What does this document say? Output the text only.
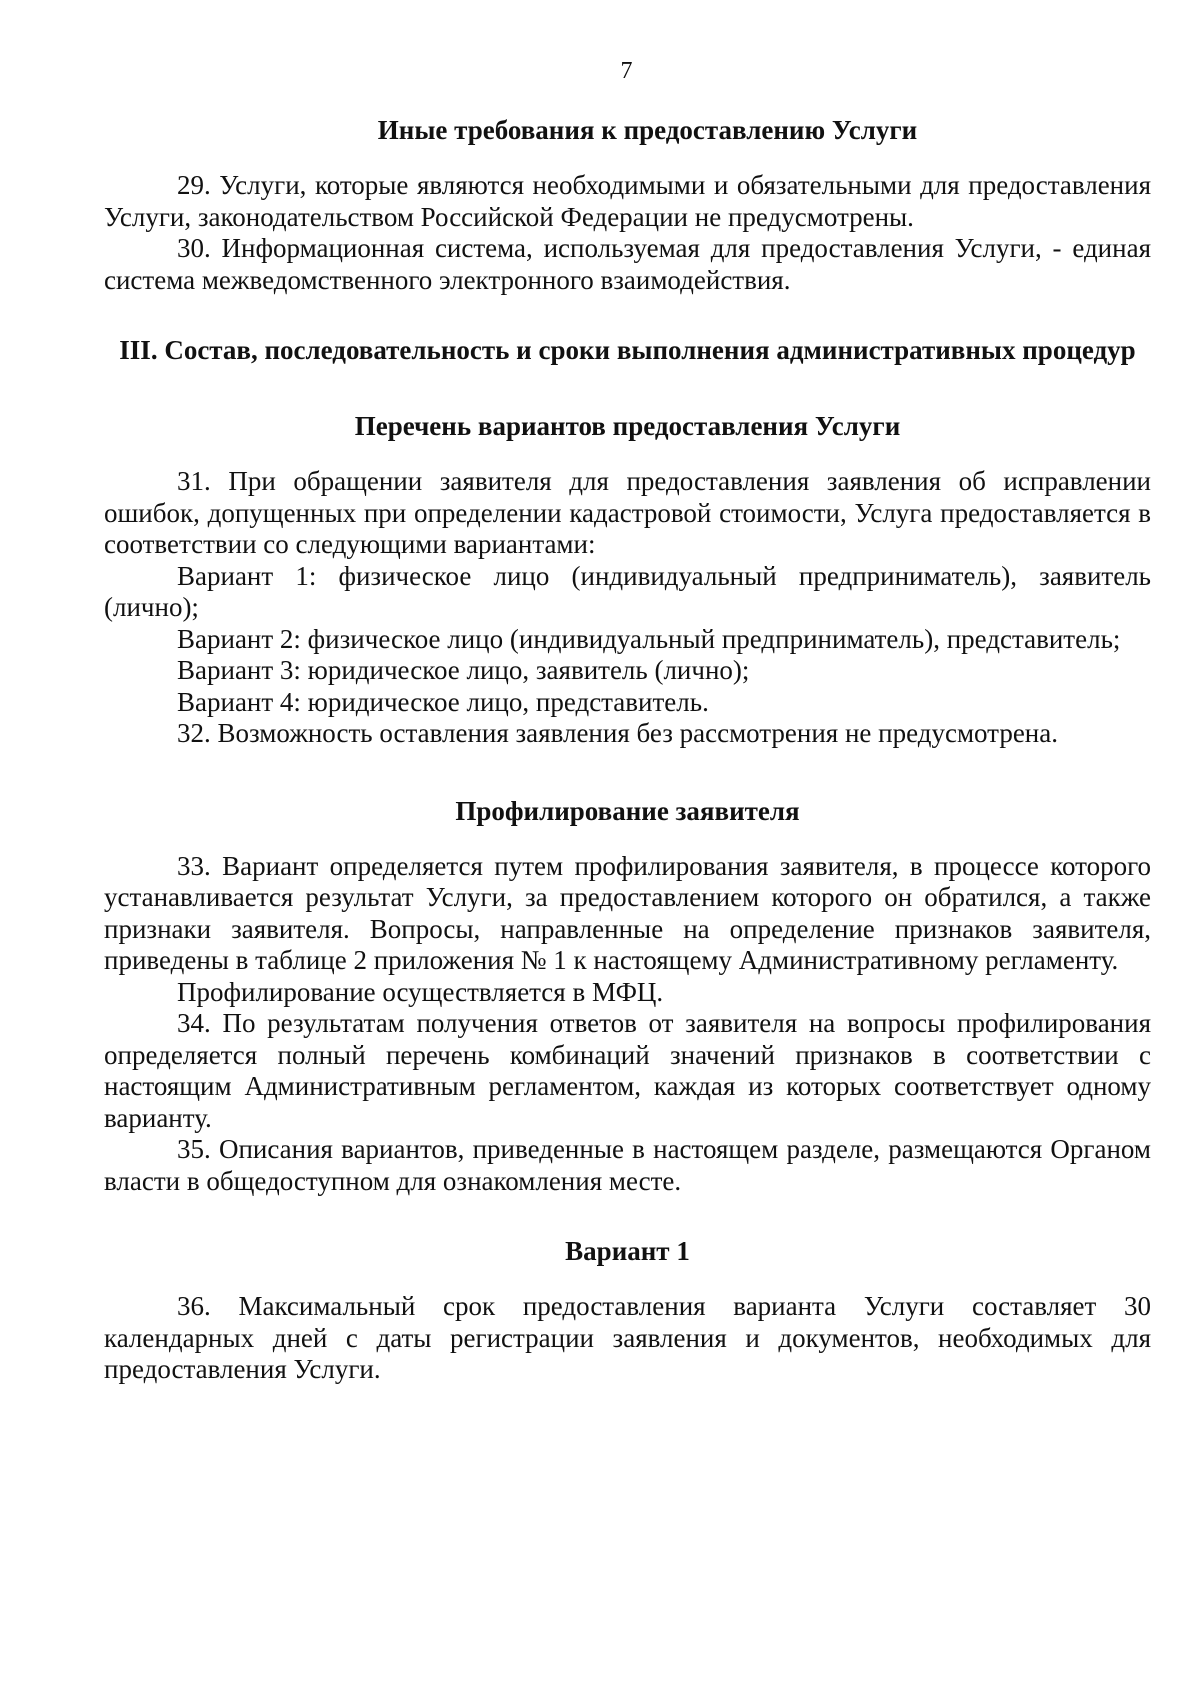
7
Иные требования к предоставлению Услуги

29. Услуги, которые являются необходимыми и обязательными для предоставления Услуги, законодательством Российской Федерации не предусмотрены.

30. Информационная система, используемая для предоставления Услуги, - единая система межведомственного электронного взаимодействия.

III. Состав, последовательность и сроки выполнения административных процедур
Перечень вариантов предоставления Услуги

31. При обращении заявителя для предоставления заявления об исправлении ошибок, допущенных при определении кадастровой стоимости, Услуга предоставляется в соответствии со следующими вариантами:

Вариант 1: физическое лицо (индивидуальный предприниматель), заявитель (лично);

Вариант 2: физическое лицо (индивидуальный предприниматель), представитель;

Вариант 3: юридическое лицо, заявитель (лично);

Вариант 4: юридическое лицо, представитель.

32. Возможность оставления заявления без рассмотрения не предусмотрена.

Профилирование заявителя

33. Вариант определяется путем профилирования заявителя, в процессе которого устанавливается результат Услуги, за предоставлением которого он обратился, а также признаки заявителя. Вопросы, направленные на определение признаков заявителя, приведены в таблице 2 приложения № 1 к настоящему Административному регламенту.

Профилирование осуществляется в МФЦ.

34. По результатам получения ответов от заявителя на вопросы профилирования определяется полный перечень комбинаций значений признаков в соответствии с настоящим Административным регламентом, каждая из которых соответствует одному варианту.

35. Описания вариантов, приведенные в настоящем разделе, размещаются Органом власти в общедоступном для ознакомления месте.

Вариант 1

36. Максимальный срок предоставления варианта Услуги составляет 30 календарных дней с даты регистрации заявления и документов, необходимых для предоставления Услуги.
